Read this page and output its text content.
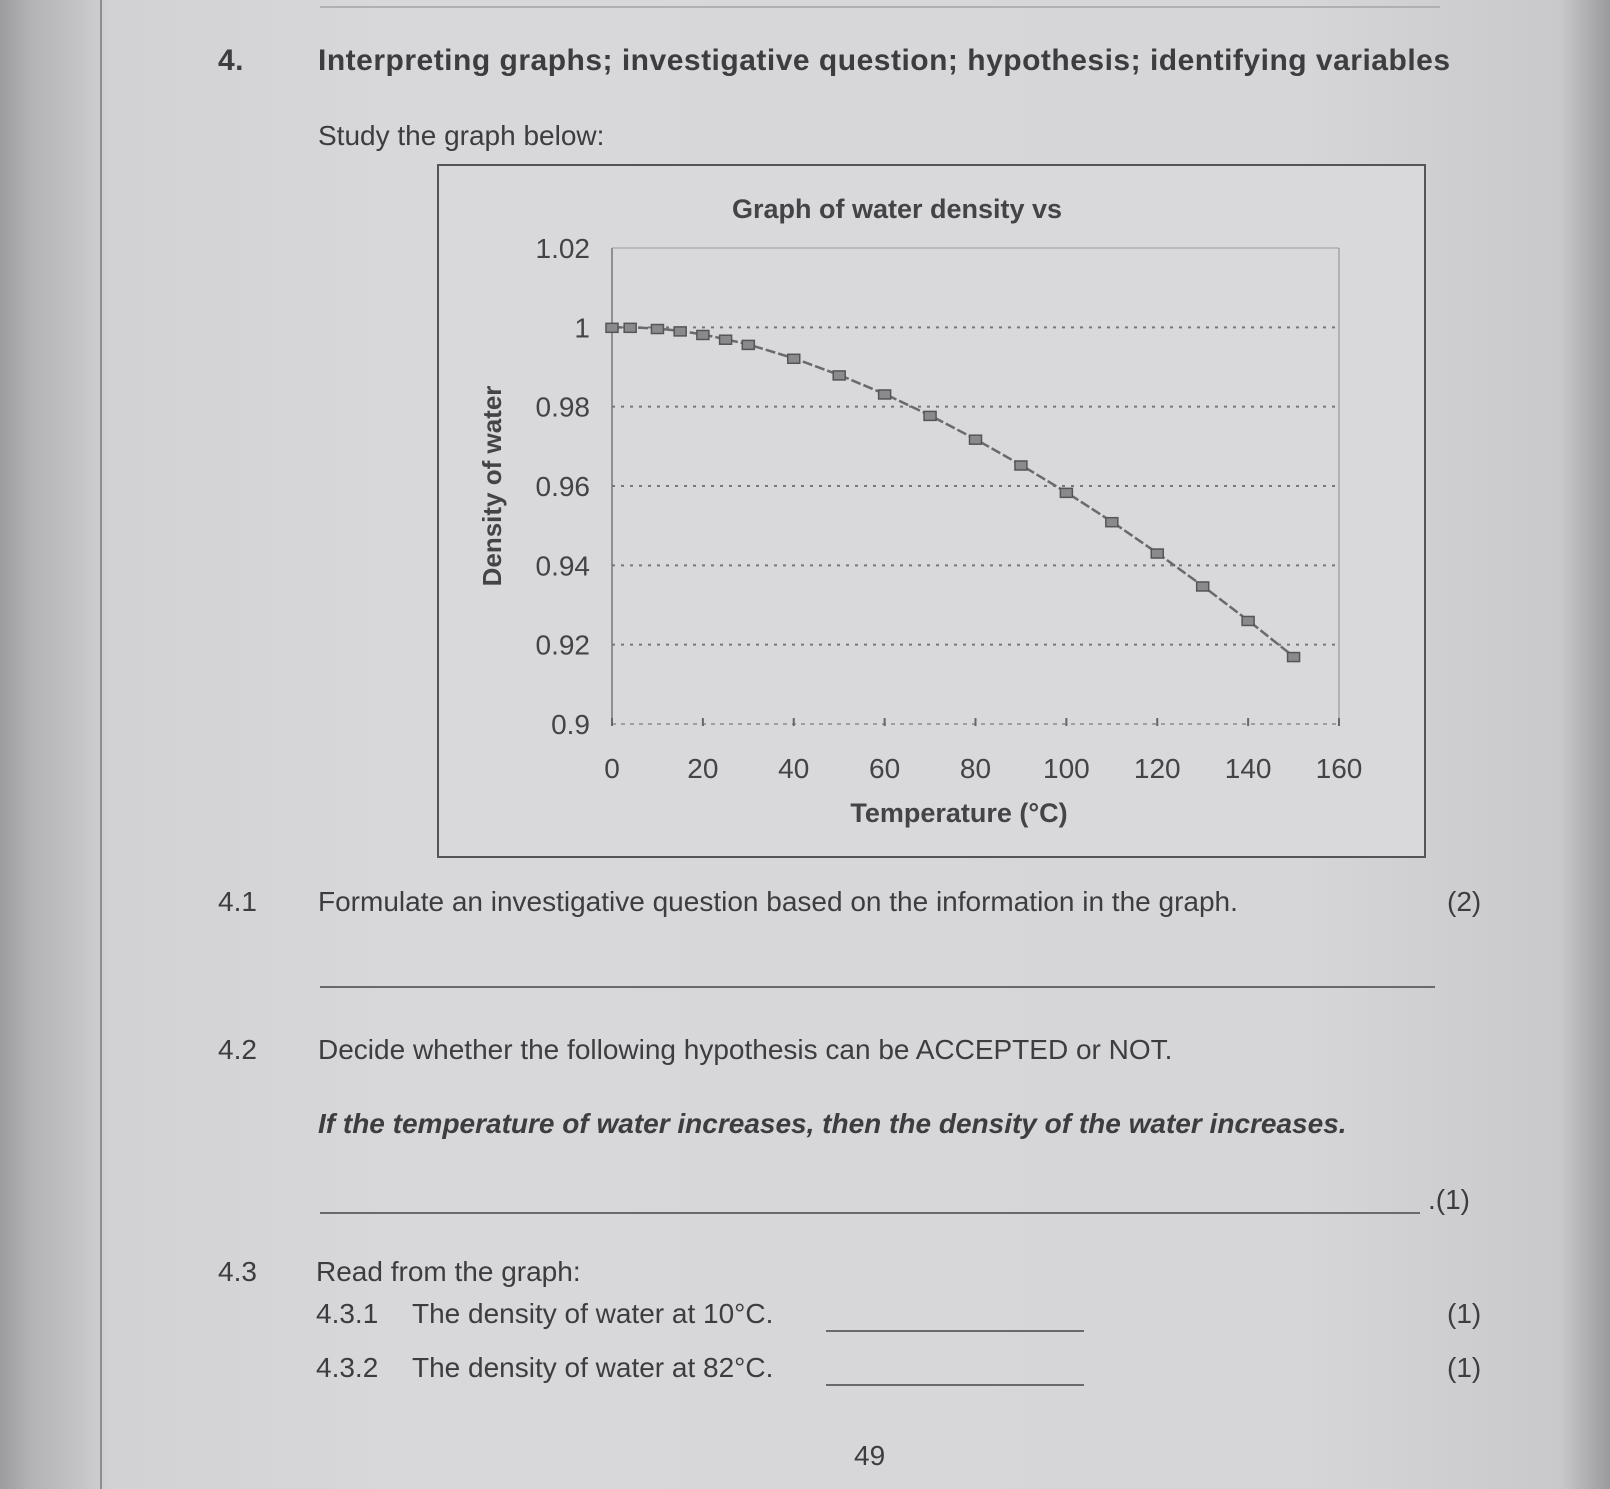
4. Interpreting graphs; investigative question; hypothesis; identifying variables
Study the graph below:
Graph of water density vs
1.02
1
0.98
0.96
0.94
0.92
0.9
0 20 40 60 80 100 120 140 160
Temperature (°C)
Density of water
4.1 Formulate an investigative question based on the information in the graph.	(2)
4.2 Decide whether the following hypothesis can be ACCEPTED or NOT.
If the temperature of water increases, then the density of the water increases.
.(1)
4.3 Read from the graph:
4.3.1 The density of water at 10°C.	(1)
4.3.2 The density of water at 82°C.	(1)
49
